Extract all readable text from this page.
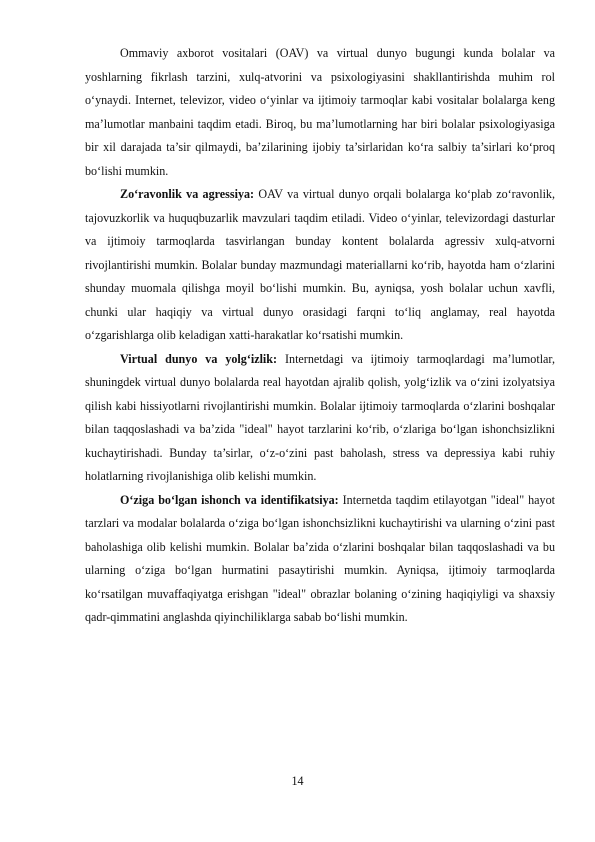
Ommaviy axborot vositalari (OAV) va virtual dunyo bugungi kunda bolalar va yoshlarning fikrlash tarzini, xulq-atvorini va psixologiyasini shakllantirishda muhim rol o‘ynaydi. Internet, televizor, video o‘yinlar va ijtimoiy tarmoqlar kabi vositalar bolalarga keng ma’lumotlar manbaini taqdim etadi. Biroq, bu ma’lumotlarning har biri bolalar psixologiyasiga bir xil darajada ta’sir qilmaydi, ba’zilarining ijobiy ta’sirlaridan ko‘ra salbiy ta’sirlari ko‘proq bo‘lishi mumkin.

Zo‘ravonlik va agressiya: OAV va virtual dunyo orqali bolalarga ko‘plab zo‘ravonlik, tajovuzkorlik va huquqbuzarlik mavzulari taqdim etiladi. Video o‘yinlar, televizordagi dasturlar va ijtimoiy tarmoqlarda tasvirlangan bunday kontent bolalarda agressiv xulq-atvorni rivojlantirishi mumkin. Bolalar bunday mazmundagi materiallarni ko‘rib, hayotda ham o‘zlarini shunday muomala qilishga moyil bo‘lishi mumkin. Bu, ayniqsa, yosh bolalar uchun xavfli, chunki ular haqiqiy va virtual dunyo orasidagi farqni to‘liq anglamay, real hayotda o‘zgarishlarga olib keladigan xatti-harakatlar ko‘rsatishi mumkin.

Virtual dunyo va yolg‘izlik: Internetdagi va ijtimoiy tarmoqlardagi ma’lumotlar, shuningdek virtual dunyo bolalarda real hayotdan ajralib qolish, yolg‘izlik va o‘zini izolyatsiya qilish kabi hissiyotlarni rivojlantirishi mumkin. Bolalar ijtimoiy tarmoqlarda o‘zlarini boshqalar bilan taqqoslashadi va ba’zida "ideal" hayot tarzlarini ko‘rib, o‘zlariga bo‘lgan ishonchsizlikni kuchaytirishadi. Bunday ta’sirlar, o‘z-o‘zini past baholash, stress va depressiya kabi ruhiy holatlarning rivojlanishiga olib kelishi mumkin.

O‘ziga bo‘lgan ishonch va identifikatsiya: Internetda taqdim etilayotgan "ideal" hayot tarzlari va modalar bolalarda o‘ziga bo‘lgan ishonchsizlikni kuchaytirishi va ularning o‘zini past baholashiga olib kelishi mumkin. Bolalar ba’zida o‘zlarini boshqalar bilan taqqoslashadi va bu ularning o‘ziga bo‘lgan hurmatini pasaytirishi mumkin. Ayniqsa, ijtimoiy tarmoqlarda ko‘rsatilgan muvaffaqiyatga erishgan "ideal" obrazlar bolaning o‘zining haqiqiyligi va shaxsiy qadr-qimmatini anglashda qiyinchiliklarga sabab bo‘lishi mumkin.

14
